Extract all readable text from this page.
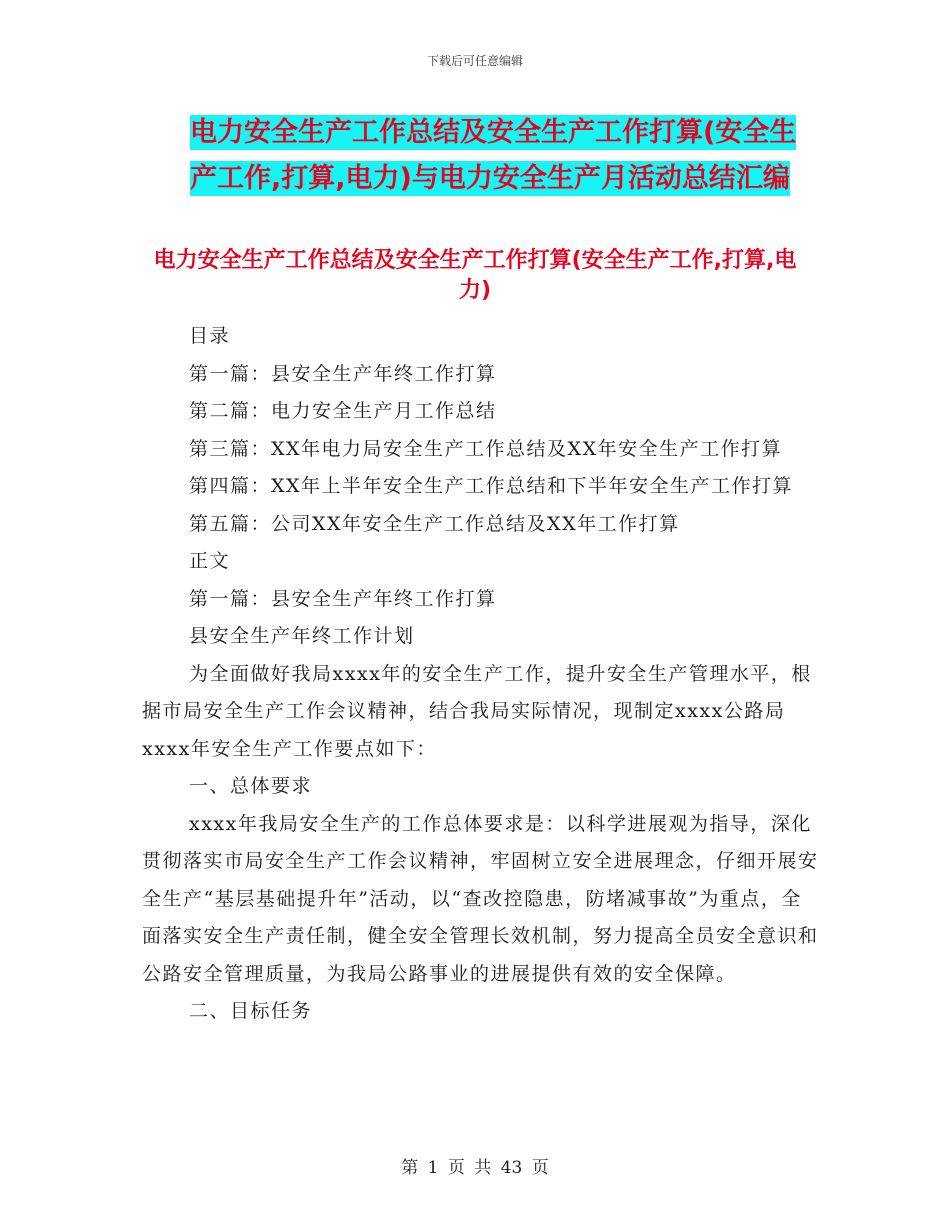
下载后可任意编辑
电力安全生产工作总结及安全生产工作打算(安全生产工作,打算,电力)与电力安全生产月活动总结汇编
电力安全生产工作总结及安全生产工作打算(安全生产工作,打算,电力)

目录

第一篇：县安全生产年终工作打算

第二篇：电力安全生产月工作总结

第三篇：XX年电力局安全生产工作总结及XX年安全生产工作打算

第四篇：XX年上半年安全生产工作总结和下半年安全生产工作打算

第五篇：公司XX年安全生产工作总结及XX年工作打算

正文

第一篇：县安全生产年终工作打算

县安全生产年终工作计划

为全面做好我局xxxx年的安全生产工作，提升安全生产管理水平，根据市局安全生产工作会议精神，结合我局实际情况，现制定xxxx公路局xxxx年安全生产工作要点如下：

一、总体要求

xxxx年我局安全生产的工作总体要求是：以科学进展观为指导，深化贯彻落实市局安全生产工作会议精神，牢固树立安全进展理念，仔细开展安全生产“基层基础提升年”活动，以“查改控隐患，防堵减事故”为重点，全面落实安全生产责任制，健全安全管理长效机制，努力提高全员安全意识和公路安全管理质量，为我局公路事业的进展提供有效的安全保障。

二、目标任务

第 1 页 共 43 页
